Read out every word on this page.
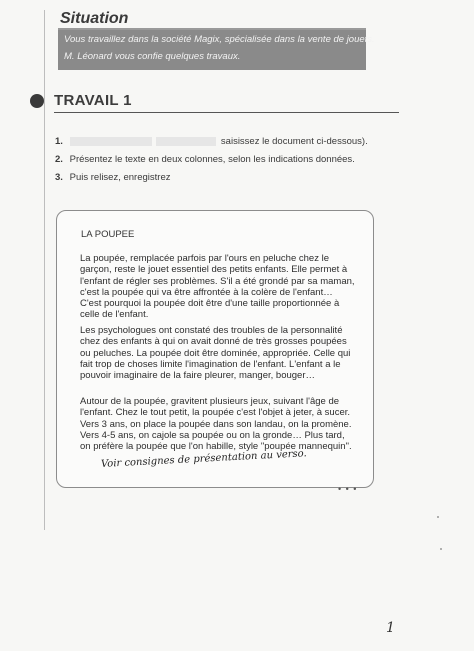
Situation
Vous travaillez dans la société Magix, spécialisée dans la vente de jouets.
M. Léonard vous confie quelques travaux.
TRAVAIL 1
1.	saisissez le document ci-dessous).
2. Présentez le texte en deux colonnes, selon les indications données.
3. Puis relisez, enregistrez
LA POUPEE
La poupée, remplacée parfois par l'ours en peluche chez le
garçon, reste le jouet essentiel des petits enfants. Elle permet à
l'enfant de régler ses problèmes. S'il a été grondé par sa maman,
c'est la poupée qui va être affrontée à la colère de l'enfant…
C'est pourquoi la poupée doit être d'une taille proportionnée à
celle de l'enfant.
Les psychologues ont constaté des troubles de la personnalité
chez des enfants à qui on avait donné de très grosses poupées
ou peluches. La poupée doit être dominée, appropriée. Celle qui
fait trop de choses limite l'imagination de l'enfant. L'enfant a le
pouvoir imaginaire de la faire pleurer, manger, bouger…
Autour de la poupée, gravitent plusieurs jeux, suivant l'âge de
l'enfant. Chez le tout petit, la poupée c'est l'objet à jeter, à sucer.
Vers 3 ans, on place la poupée dans son landau, on la promène.
Vers 4-5 ans, on cajole sa poupée ou on la gronde… Plus tard,
on préfère la poupée que l'on habille, style "poupée mannequin".
Voir consignes de présentation au verso.
• • •
1
